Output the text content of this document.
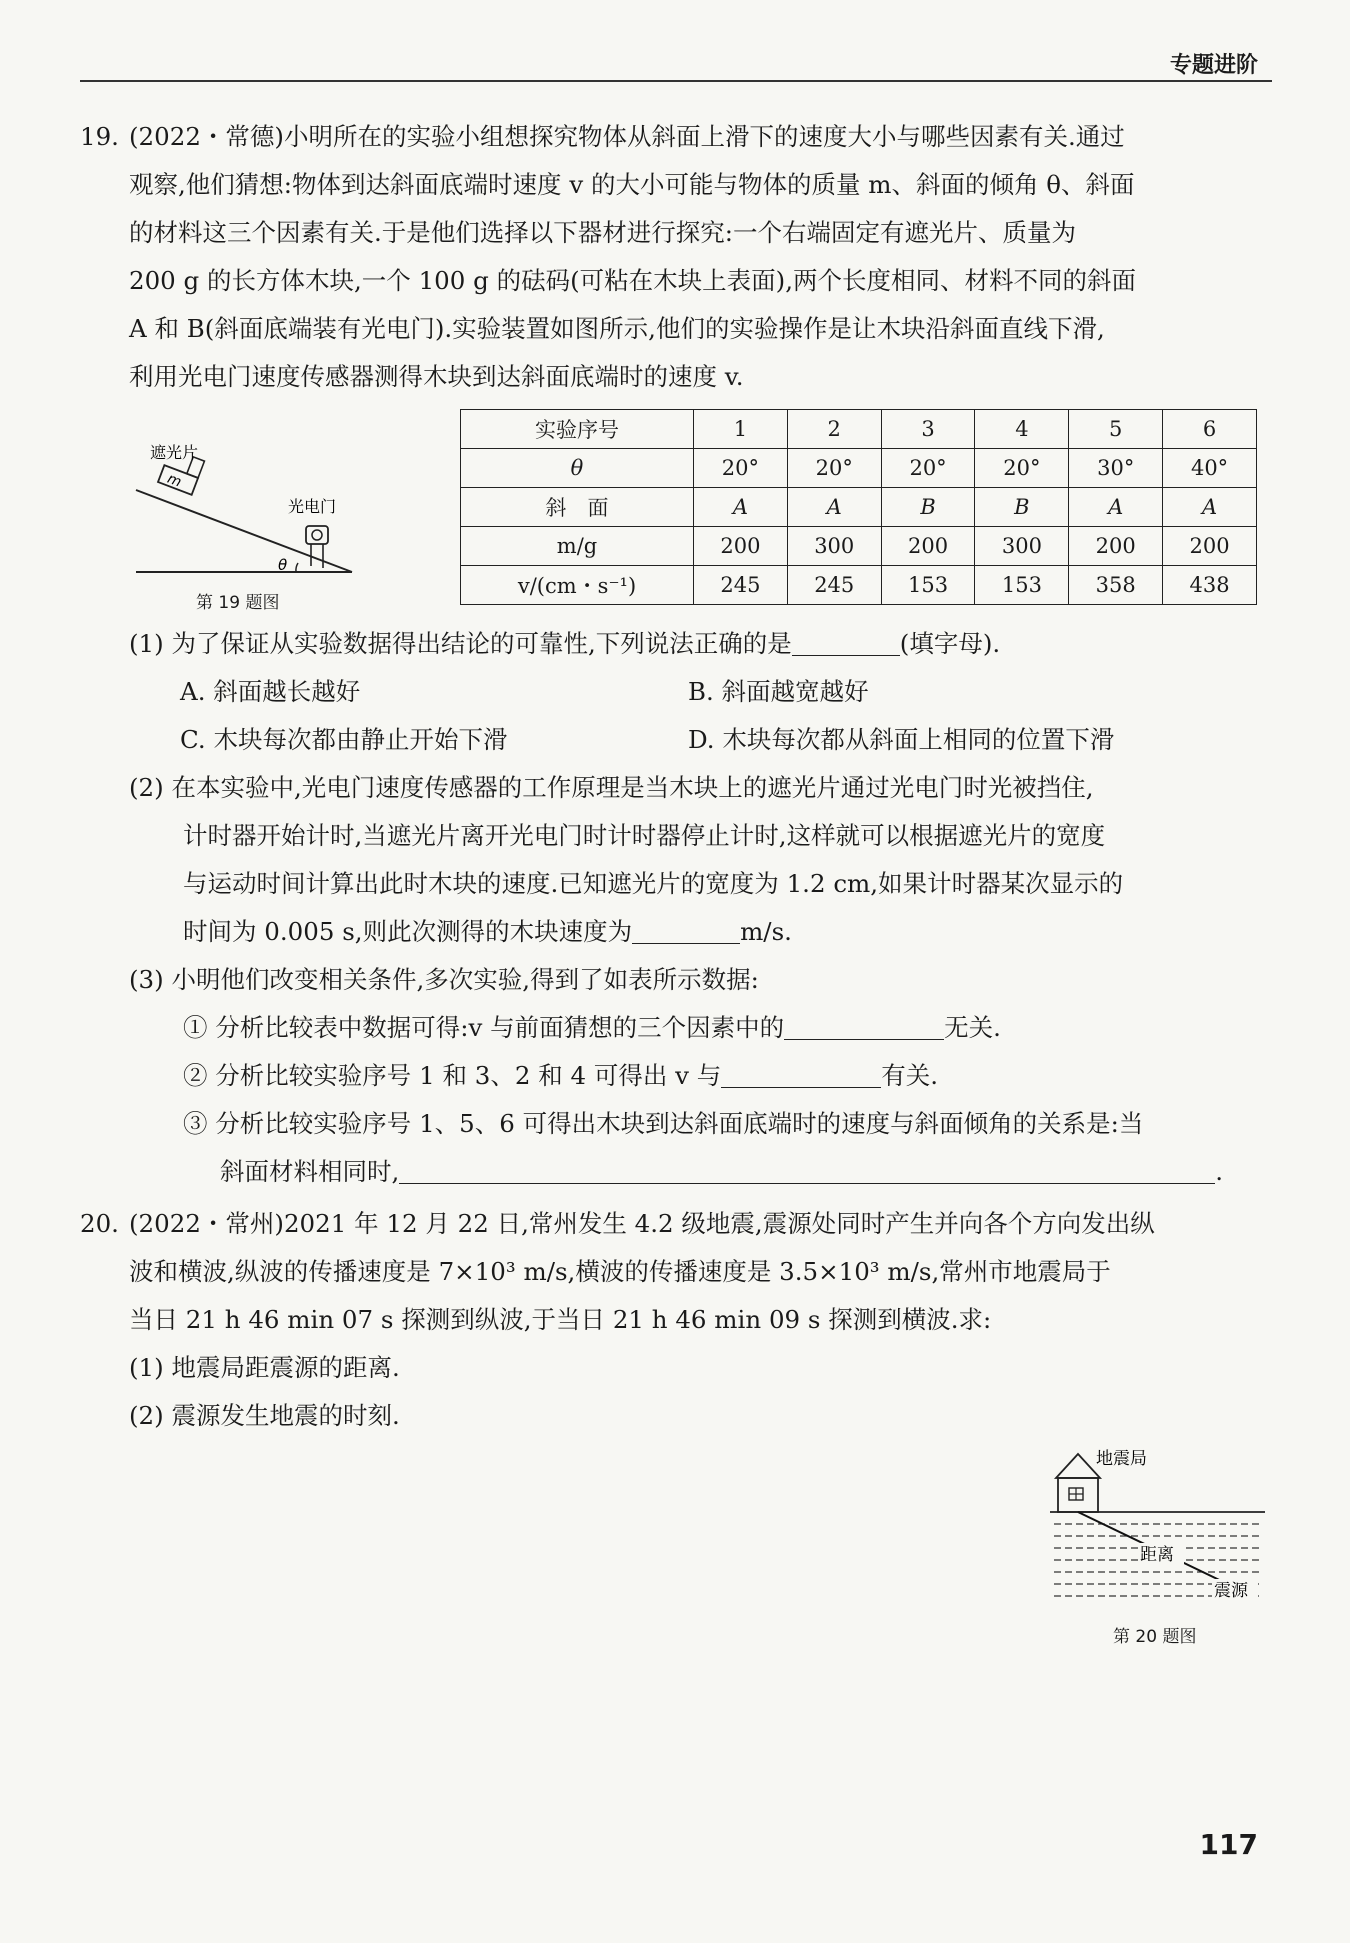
专题进阶
19. (2022・常德)小明所在的实验小组想探究物体从斜面上滑下的速度大小与哪些因素有关.通过
观察,他们猜想:物体到达斜面底端时速度 v 的大小可能与物体的质量 m、斜面的倾角 θ、斜面
的材料这三个因素有关.于是他们选择以下器材进行探究:一个右端固定有遮光片、质量为
200 g 的长方体木块,一个 100 g 的砝码(可粘在木块上表面),两个长度相同、材料不同的斜面
A 和 B(斜面底端装有光电门).实验装置如图所示,他们的实验操作是让木块沿斜面直线下滑,
利用光电门速度传感器测得木块到达斜面底端时的速度 v.
m
遮光片
光电门
θ
第 19 题图
实验序号	1	2	3	4	5	6
θ	20°	20°	20°	20°	30°	40°
斜　面	A	A	B	B	A	A
m/g	200	300	200	300	200	200
v/(cm・s⁻¹)	245	245	153	153	358	438
(1) 为了保证从实验数据得出结论的可靠性,下列说法正确的是	(填字母).
A. 斜面越长越好	B. 斜面越宽越好
C. 木块每次都由静止开始下滑	D. 木块每次都从斜面上相同的位置下滑
(2) 在本实验中,光电门速度传感器的工作原理是当木块上的遮光片通过光电门时光被挡住,
计时器开始计时,当遮光片离开光电门时计时器停止计时,这样就可以根据遮光片的宽度
与运动时间计算出此时木块的速度.已知遮光片的宽度为 1.2 cm,如果计时器某次显示的
时间为 0.005 s,则此次测得的木块速度为	m/s.
(3) 小明他们改变相关条件,多次实验,得到了如表所示数据:
① 分析比较表中数据可得:v 与前面猜想的三个因素中的	无关.
② 分析比较实验序号 1 和 3、2 和 4 可得出 v 与	有关.
③ 分析比较实验序号 1、5、6 可得出木块到达斜面底端时的速度与斜面倾角的关系是:当
斜面材料相同时,	.
20. (2022・常州)2021 年 12 月 22 日,常州发生 4.2 级地震,震源处同时产生并向各个方向发出纵
波和横波,纵波的传播速度是 7×10³ m/s,横波的传播速度是 3.5×10³ m/s,常州市地震局于
当日 21 h 46 min 07 s 探测到纵波,于当日 21 h 46 min 09 s 探测到横波.求:
(1) 地震局距震源的距离.
(2) 震源发生地震的时刻.
地震局
距离
震源
第 20 题图
117
